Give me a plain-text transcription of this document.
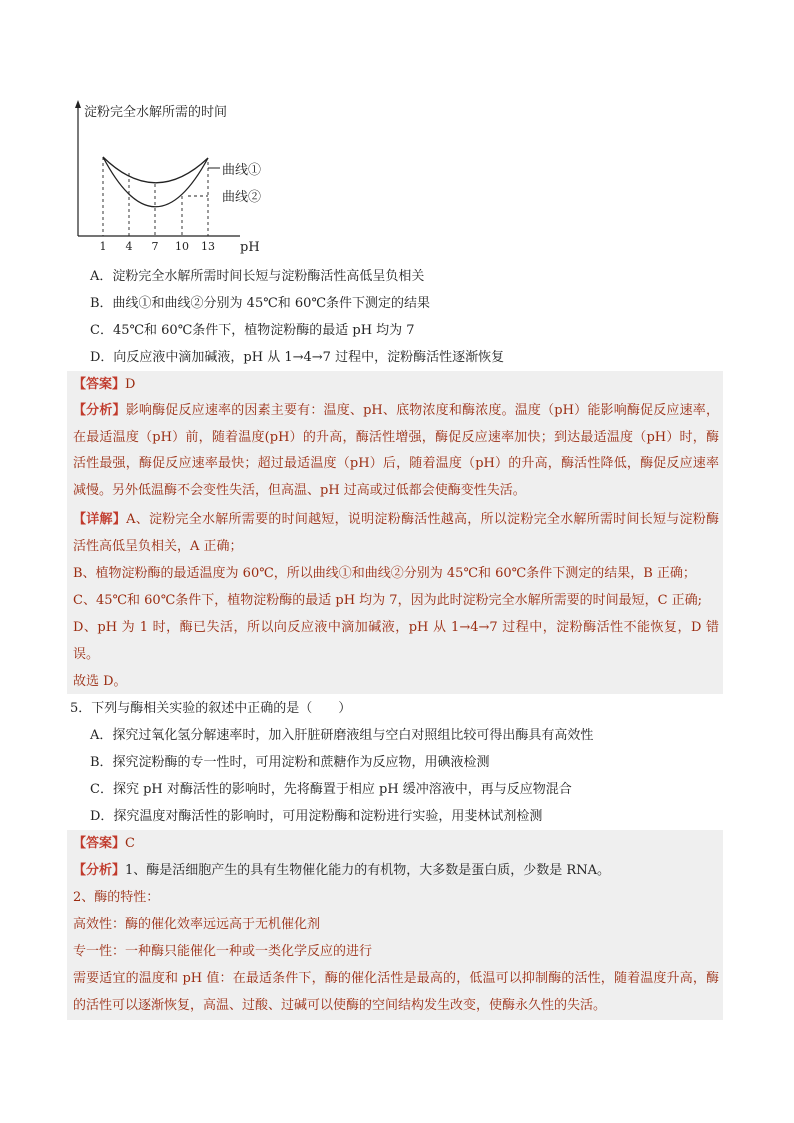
淀粉完全水解所需的时间
曲线①
曲线②
1	4	7	10	13	pH
A．淀粉完全水解所需时间长短与淀粉酶活性高低呈负相关
B．曲线①和曲线②分别为 45℃和 60℃条件下测定的结果
C．45℃和 60℃条件下，植物淀粉酶的最适 pH 均为 7
D．向反应液中滴加碱液，pH 从 1→4→7 过程中，淀粉酶活性逐渐恢复
【答案】D
【分析】影响酶促反应速率的因素主要有：温度、pH、底物浓度和酶浓度。温度（pH）能影响酶促反应速率，在最适温度（pH）前，随着温度(pH）的升高，酶活性增强，酶促反应速率加快；到达最适温度（pH）时，酶活性最强，酶促反应速率最快；超过最适温度（pH）后，随着温度（pH）的升高，酶活性降低，酶促反应速率减慢。另外低温酶不会变性失活，但高温、pH 过高或过低都会使酶变性失活。
【详解】A、淀粉完全水解所需要的时间越短，说明淀粉酶活性越高，所以淀粉完全水解所需时间长短与淀粉酶活性高低呈负相关，A 正确；
B、植物淀粉酶的最适温度为 60℃，所以曲线①和曲线②分别为 45℃和 60℃条件下测定的结果，B 正确；
C、45℃和 60℃条件下，植物淀粉酶的最适 pH 均为 7，因为此时淀粉完全水解所需要的时间最短，C 正确;
D、pH 为 1 时，酶已失活，所以向反应液中滴加碱液，pH 从 1→4→7 过程中，淀粉酶活性不能恢复，D 错误。
故选 D。
5．下列与酶相关实验的叙述中正确的是（　　）
A．探究过氧化氢分解速率时，加入肝脏研磨液组与空白对照组比较可得出酶具有高效性
B．探究淀粉酶的专一性时，可用淀粉和蔗糖作为反应物，用碘液检测
C．探究 pH 对酶活性的影响时，先将酶置于相应 pH 缓冲溶液中，再与反应物混合
D．探究温度对酶活性的影响时，可用淀粉酶和淀粉进行实验，用斐林试剂检测
【答案】C
【分析】1、酶是活细胞产生的具有生物催化能力的有机物，大多数是蛋白质，少数是 RNA。
2、酶的特性：
高效性：酶的催化效率远远高于无机催化剂
专一性：一种酶只能催化一种或一类化学反应的进行
需要适宜的温度和 pH 值：在最适条件下，酶的催化活性是最高的，低温可以抑制酶的活性，随着温度升高，酶的活性可以逐渐恢复，高温、过酸、过碱可以使酶的空间结构发生改变，使酶永久性的失活。
